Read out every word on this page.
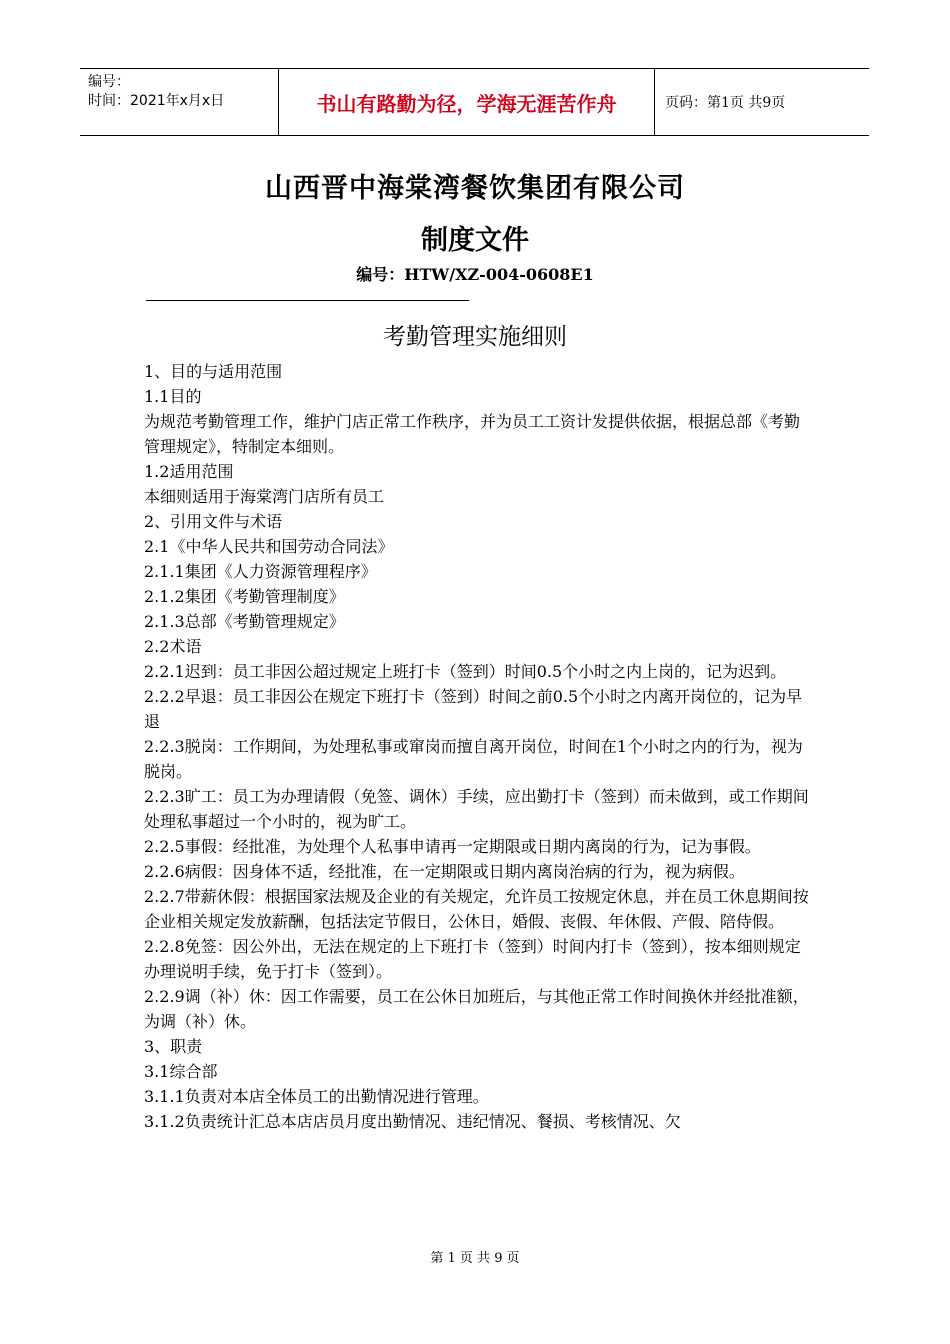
编号：
时间：2021年x月x日	书山有路勤为径，学海无涯苦作舟	页码：第1页 共9页
山西晋中海棠湾餐饮集团有限公司
制度文件
编号：HTW/XZ-004-0608E1
考勤管理实施细则

1、目的与适用范围

1.1目的

为规范考勤管理工作，维护门店正常工作秩序，并为员工工资计发提供依据，根据总部《考勤管理规定》，特制定本细则。

1.2适用范围

本细则适用于海棠湾门店所有员工

2、引用文件与术语

2.1《中华人民共和国劳动合同法》

2.1.1集团《人力资源管理程序》

2.1.2集团《考勤管理制度》

2.1.3总部《考勤管理规定》

2.2术语

2.2.1迟到：员工非因公超过规定上班打卡（签到）时间0.5个小时之内上岗的，记为迟到。

2.2.2早退：员工非因公在规定下班打卡（签到）时间之前0.5个小时之内离开岗位的，记为早退

2.2.3脱岗：工作期间，为处理私事或窜岗而擅自离开岗位，时间在1个小时之内的行为，视为脱岗。

2.2.3旷工：员工为办理请假（免签、调休）手续，应出勤打卡（签到）而未做到，或工作期间处理私事超过一个小时的，视为旷工。

2.2.5事假：经批准，为处理个人私事申请再一定期限或日期内离岗的行为，记为事假。

2.2.6病假：因身体不适，经批准，在一定期限或日期内离岗治病的行为，视为病假。

2.2.7带薪休假：根据国家法规及企业的有关规定，允许员工按规定休息，并在员工休息期间按企业相关规定发放薪酬，包括法定节假日，公休日，婚假、丧假、年休假、产假、陪侍假。

2.2.8免签：因公外出，无法在规定的上下班打卡（签到）时间内打卡（签到），按本细则规定办理说明手续，免于打卡（签到）。

2.2.9调（补）休：因工作需要，员工在公休日加班后，与其他正常工作时间换休并经批准额，为调（补）休。

3、职责

3.1综合部

3.1.1负责对本店全体员工的出勤情况进行管理。

3.1.2负责统计汇总本店店员月度出勤情况、违纪情况、餐损、考核情况、欠

第 1 页 共 9 页
